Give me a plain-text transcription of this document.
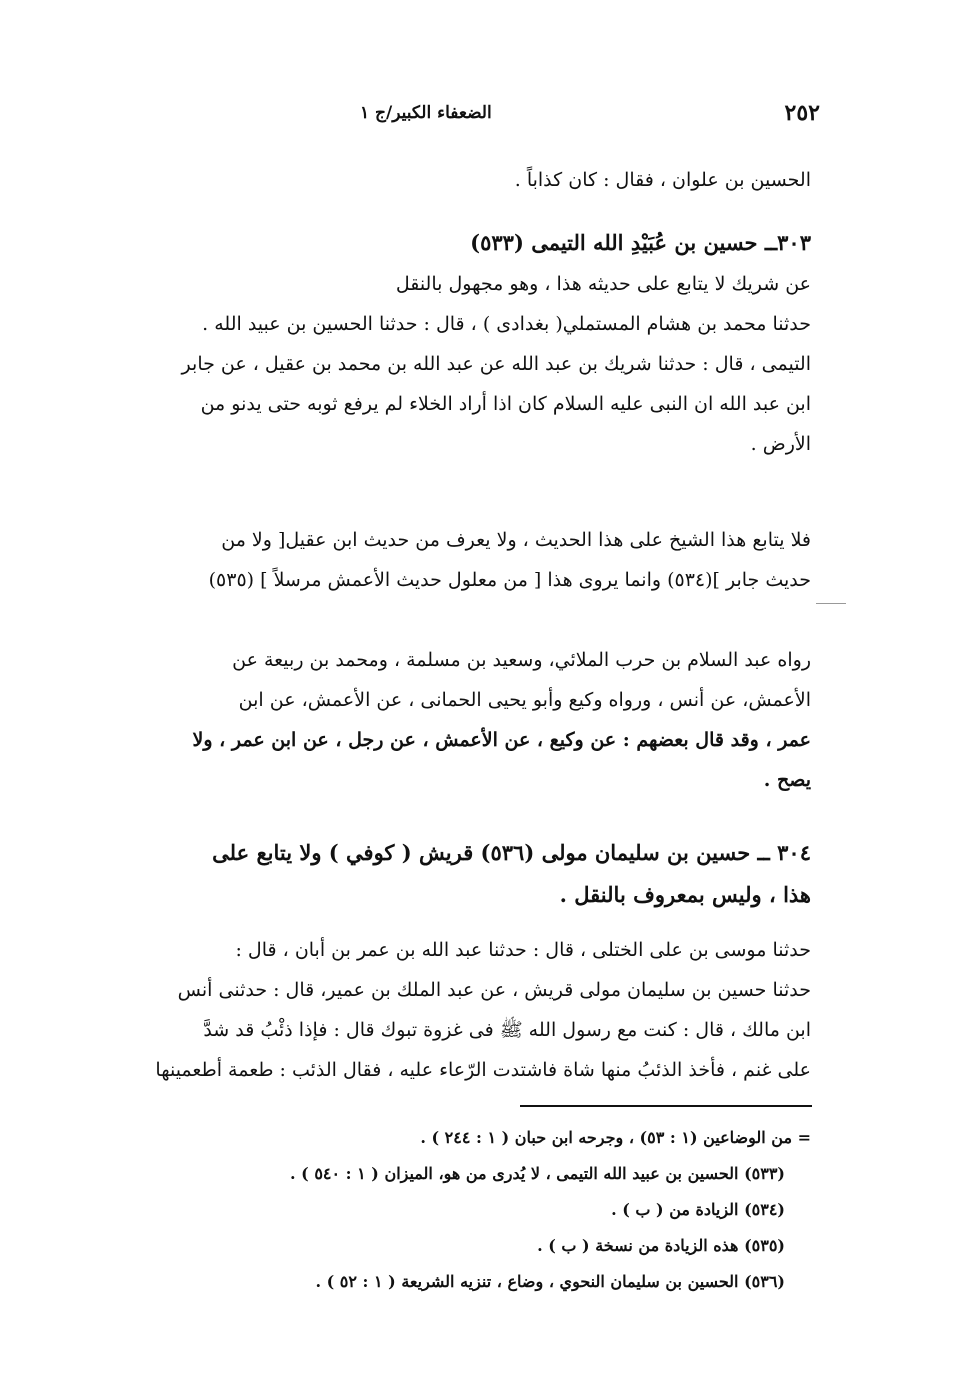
٢٥٢
الضعفاء الكبير/ج ١
الحسين بن علوان ، فقال : كان كذاباً .
٣٠٣ــ حسين بن عُبَيْدِ الله التيمى (٥٣٣)
عن شريك لا يتابع على حديثه هذا ، وهو مجهول بالنقل
حدثنا محمد بن هشام المستملي( بغدادى ) ، قال : حدثنا الحسين بن عبيد الله .
التيمى ، قال : حدثنا شريك بن عبد الله عن عبد الله بن محمد بن عقيل ، عن جابر
ابن عبد الله ان النبى عليه السلام كان اذا أراد الخلاء لم يرفع ثوبه حتى يدنو من
الأرض .
فلا يتابع هذا الشيخ على هذا الحديث ، ولا يعرف من حديث ابن عقيل[ ولا من
حديث جابر ](٥٣٤) وانما يروى هذا [ من معلول حديث الأعمش مرسلاً ] (٥٣٥)
رواه عبد السلام بن حرب الملائي، وسعيد بن مسلمة ، ومحمد بن ربيعة عن
الأعمش، عن أنس ، ورواه وكيع وأبو يحيى الحمانى ، عن الأعمش، عن ابن
عمر ، وقد قال بعضهم : عن وكيع ، عن الأعمش ، عن رجل ، عن ابن عمر ، ولا
يصح .
٣٠٤ ــ حسين بن سليمان مولى (٥٣٦) قريش ( كوفي ) ولا يتابع على
هذا ، وليس بمعروف بالنقل .
حدثنا موسى بن على الختلى ، قال : حدثنا عبد الله بن عمر بن أبان ، قال :
حدثنا حسين بن سليمان مولى قريش ، عن عبد الملك بن عمير، قال : حدثنى أنس
ابن مالك ، قال : كنت مع رسول الله ﷺ فى غزوة تبوك قال : فإذا ذئْبُ قد شدَّ
على غنم ، فأخذ الذئبُ منها شاة فاشتدت الرّعاء عليه ، فقال الذئب : طعمة أطعمينها
= من الوضاعين (١ : ٥٣) ، وجرحه ابن حبان ( ١ : ٢٤٤ ) .
(٥٣٣) الحسين بن عبيد الله التيمى ، لا يُدرى من هو، الميزان ( ١ : ٥٤٠ ) .
(٥٣٤) الزيادة من ( ب ) .
(٥٣٥) هذه الزيادة من نسخة ( ب ) .
(٥٣٦) الحسين بن سليمان النحوي ، وضاع ، تنزيه الشريعة ( ١ : ٥٢ ) .
